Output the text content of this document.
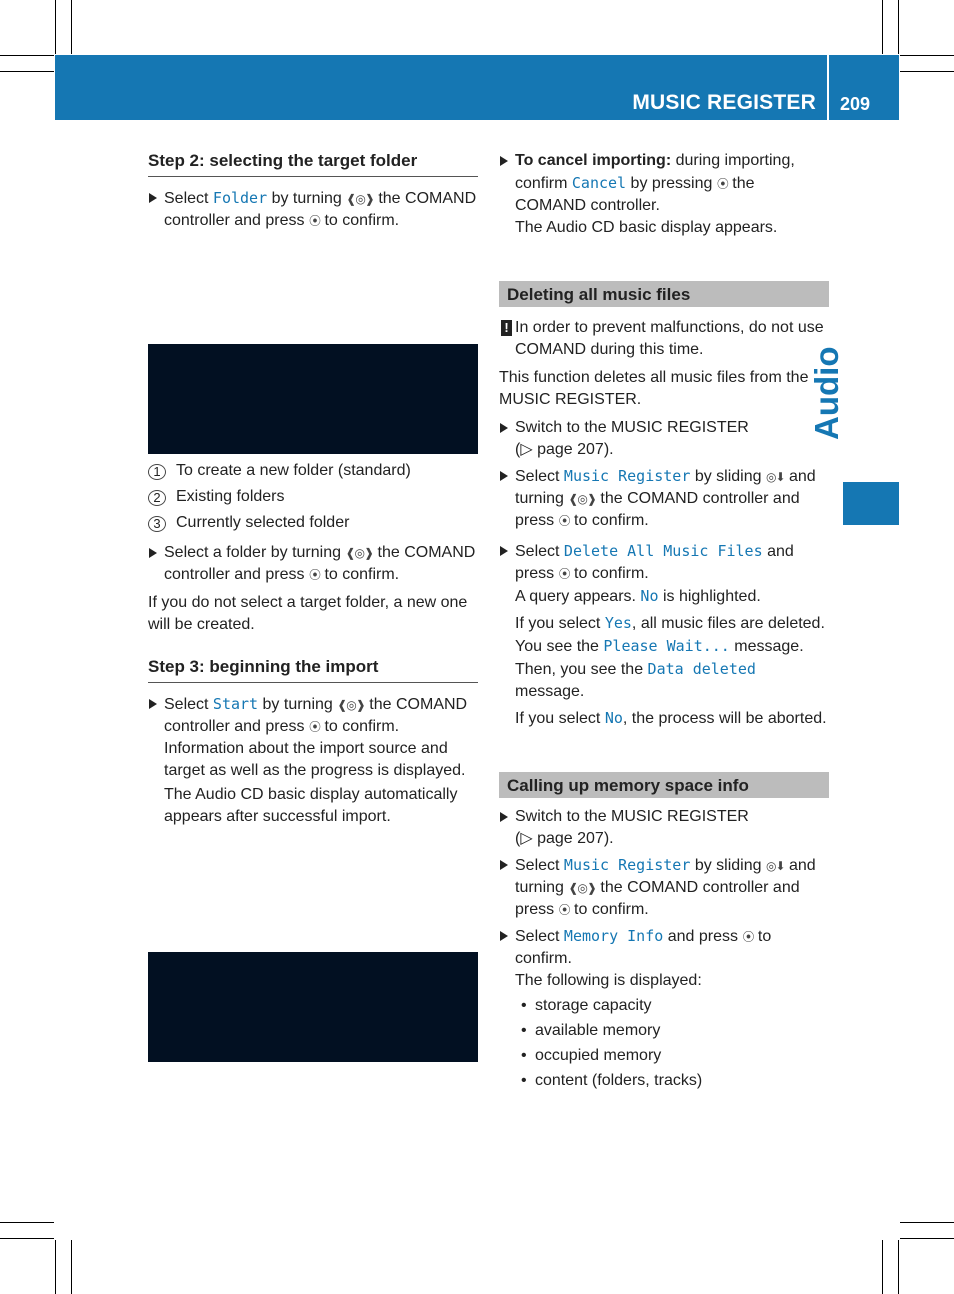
MUSIC REGISTER 209
Audio
Step 2: selecting the target folder
Select Folder by turning ❰◎❱ the COMAND controller and press ⦿ to confirm.
1 To create a new folder (standard)
2 Existing folders
3 Currently selected folder
Select a folder by turning ❰◎❱ the COMAND controller and press ⦿ to confirm.
If you do not select a target folder, a new one will be created.
Step 3: beginning the import
Select Start by turning ❰◎❱ the COMAND controller and press ⦿ to confirm.
Information about the import source and target as well as the progress is displayed.
The Audio CD basic display automatically appears after successful import.
To cancel importing: during importing, confirm Cancel by pressing ⦿ the COMAND controller.
The Audio CD basic display appears.
Deleting all music files
! In order to prevent malfunctions, do not use COMAND during this time.
This function deletes all music files from the MUSIC REGISTER.
Switch to the MUSIC REGISTER
(▷ page 207).
Select Music Register by sliding ◎⬇ and turning ❰◎❱ the COMAND controller and press ⦿ to confirm.
Select Delete All Music Files and press ⦿ to confirm.
A query appears. No is highlighted.
If you select Yes, all music files are deleted. You see the Please Wait... message. Then, you see the Data deleted message.
If you select No, the process will be aborted.
Calling up memory space info
Switch to the MUSIC REGISTER
(▷ page 207).
Select Music Register by sliding ◎⬇ and turning ❰◎❱ the COMAND controller and press ⦿ to confirm.
Select Memory Info and press ⦿ to confirm.
The following is displayed:
• storage capacity
• available memory
• occupied memory
• content (folders, tracks)
